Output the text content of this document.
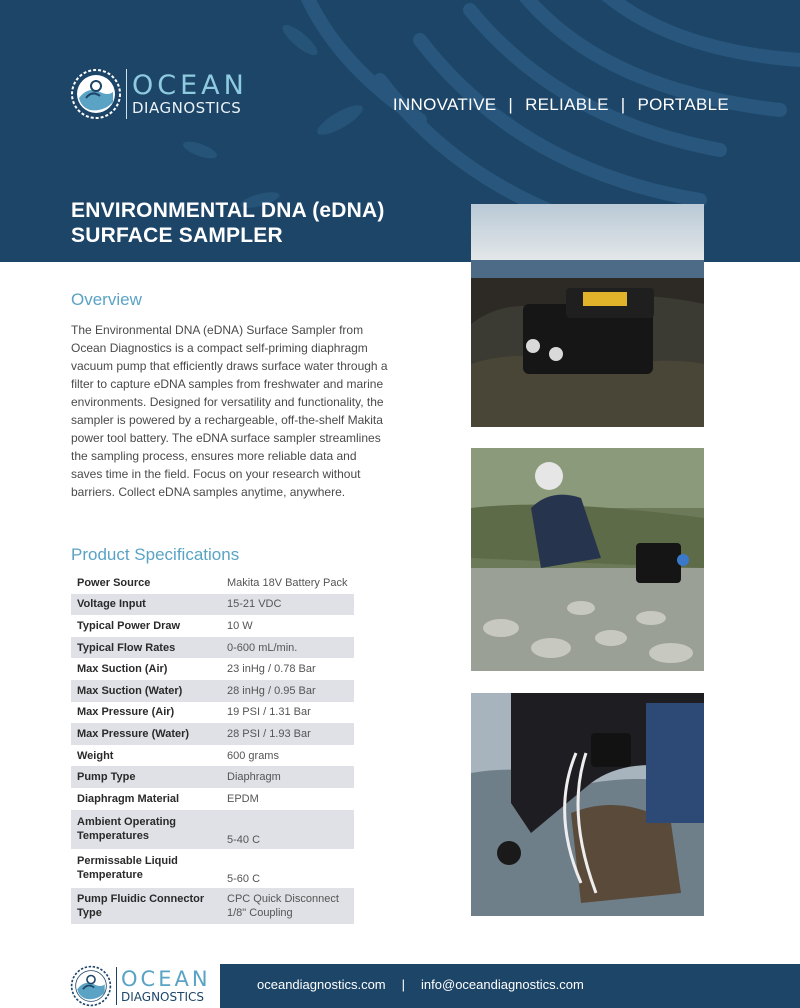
OCEAN
DIAGNOSTICS	INNOVATIVE | RELIABLE | PORTABLE
ENVIRONMENTAL DNA (eDNA)
SURFACE SAMPLER
Overview
The Environmental DNA (eDNA) Surface Sampler from Ocean Diagnostics is a compact self-priming diaphragm vacuum pump that efficiently draws surface water through a filter to capture eDNA samples from freshwater and marine environments. Designed for versatility and functionality, the sampler is powered by a rechargeable, off-the-shelf Makita power tool battery. The eDNA surface sampler streamlines the sampling process, ensures more reliable data and saves time in the field. Focus on your research without barriers. Collect eDNA samples anytime, anywhere.
Product Specifications
Power Source	Makita 18V Battery Pack
Voltage Input	15-21 VDC
Typical Power Draw	10 W
Typical Flow Rates	0-600 mL/min.
Max Suction (Air)	23 inHg / 0.78 Bar
Max Suction (Water)	28 inHg / 0.95 Bar
Max Pressure (Air)	19 PSI / 1.31 Bar
Max Pressure (Water)	28 PSI / 1.93 Bar
Weight	600 grams
Pump Type	Diaphragm
Diaphragm Material	EPDM
Ambient Operating Temperatures	5-40 C
Permissable Liquid Temperature	5-60 C
Pump Fluidic Connector Type	CPC Quick Disconnect 1/8" Coupling
OCEAN
DIAGNOSTICS
oceandiagnostics.com | info@oceandiagnostics.com
